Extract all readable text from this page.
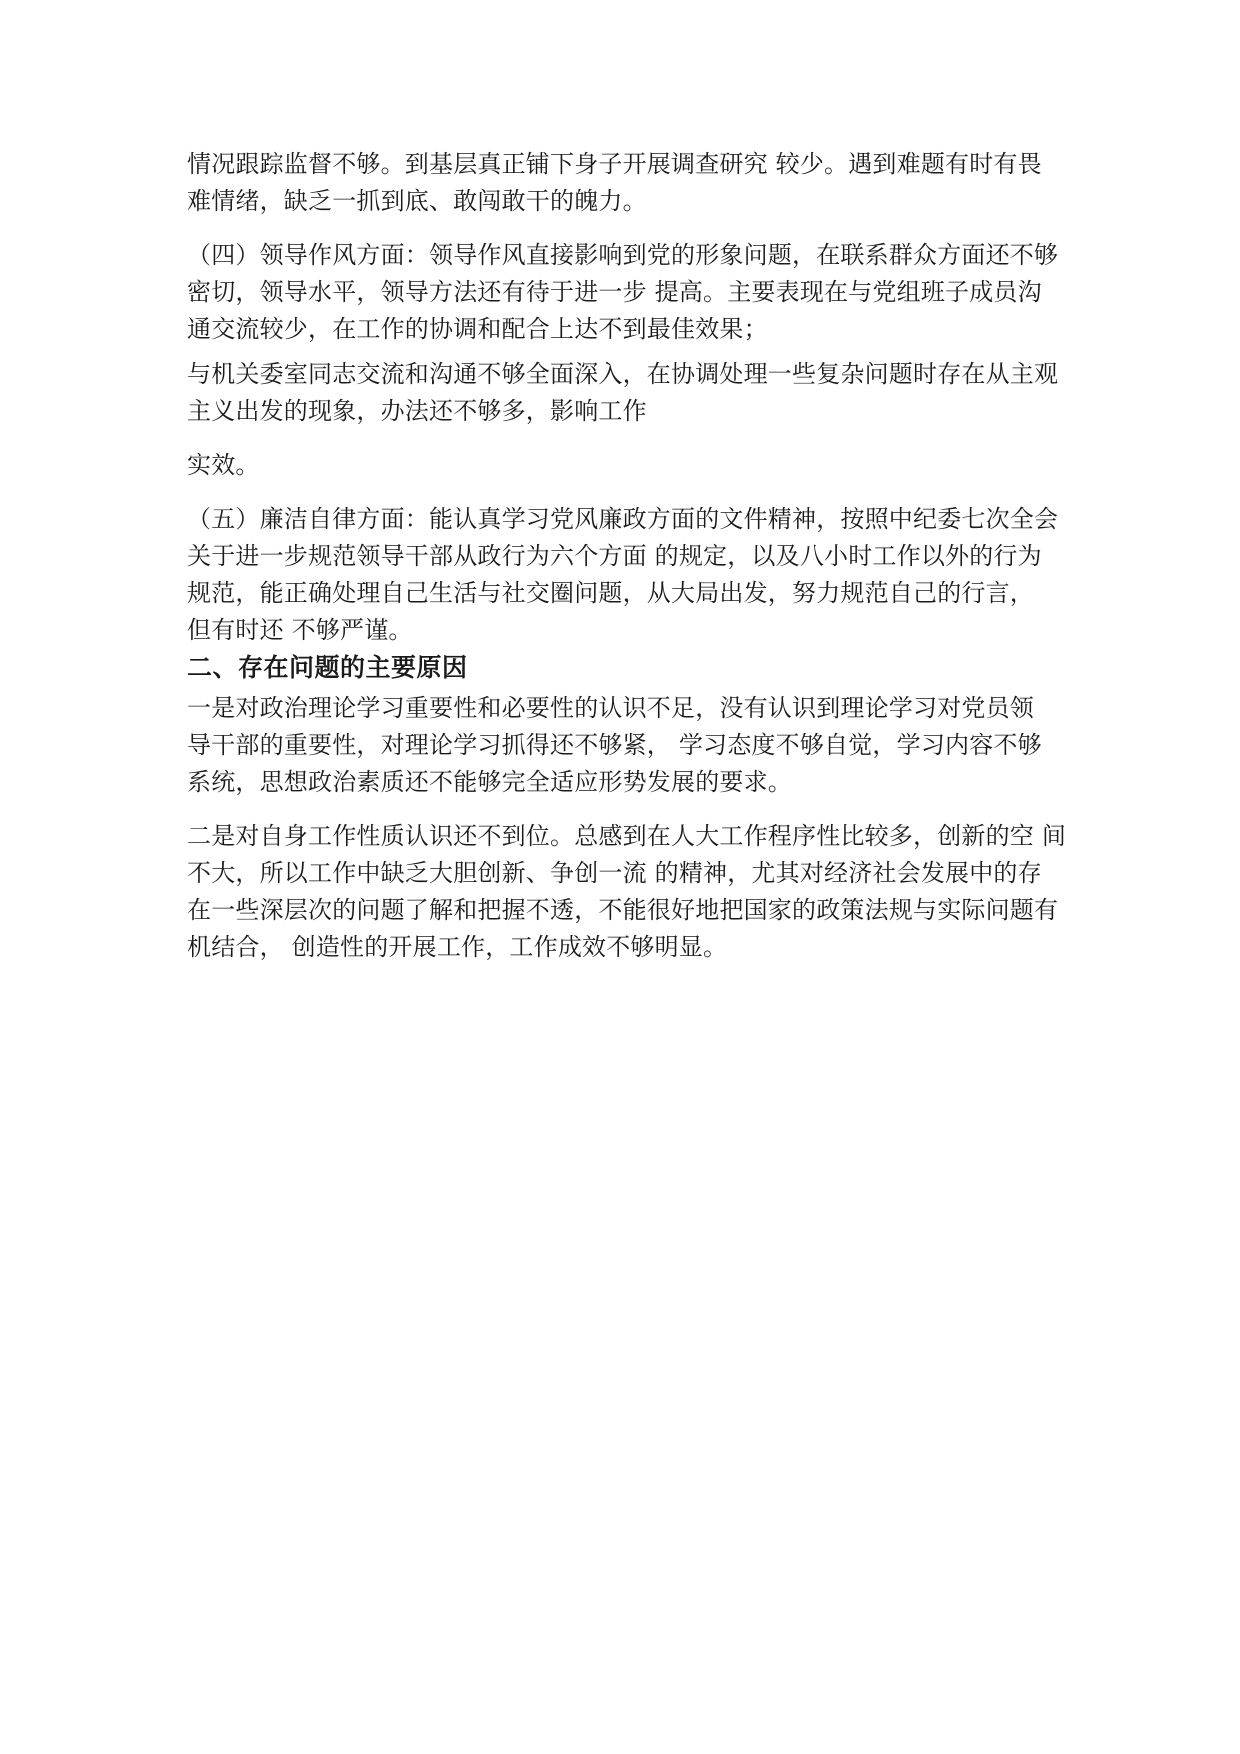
情况跟踪监督不够。到基层真正铺下身子开展调查研究 较少。遇到难题有时有畏
难情绪，缺乏一抓到底、敢闯敢干的魄力。

（四）领导作风方面：领导作风直接影响到党的形象问题，在联系群众方面还不够
密切，领导水平，领导方法还有待于进一步 提高。主要表现在与党组班子成员沟
通交流较少，在工作的协调和配合上达不到最佳效果；

与机关委室同志交流和沟通不够全面深入，在协调处理一些复杂问题时存在从主观
主义出发的现象，办法还不够多，影响工作

实效。

（五）廉洁自律方面：能认真学习党风廉政方面的文件精神，按照中纪委七次全会
关于进一步规范领导干部从政行为六个方面 的规定，以及八小时工作以外的行为
规范，能正确处理自己生活与社交圈问题，从大局出发，努力规范自己的行言，
但有时还 不够严谨。

二、存在问题的主要原因

一是对政治理论学习重要性和必要性的认识不足，没有认识到理论学习对党员领
导干部的重要性，对理论学习抓得还不够紧， 学习态度不够自觉，学习内容不够
系统，思想政治素质还不能够完全适应形势发展的要求。

二是对自身工作性质认识还不到位。总感到在人大工作程序性比较多，创新的空 间
不大，所以工作中缺乏大胆创新、争创一流 的精神，尤其对经济社会发展中的存
在一些深层次的问题了解和把握不透，不能很好地把国家的政策法规与实际问题有
机结合， 创造性的开展工作，工作成效不够明显。
